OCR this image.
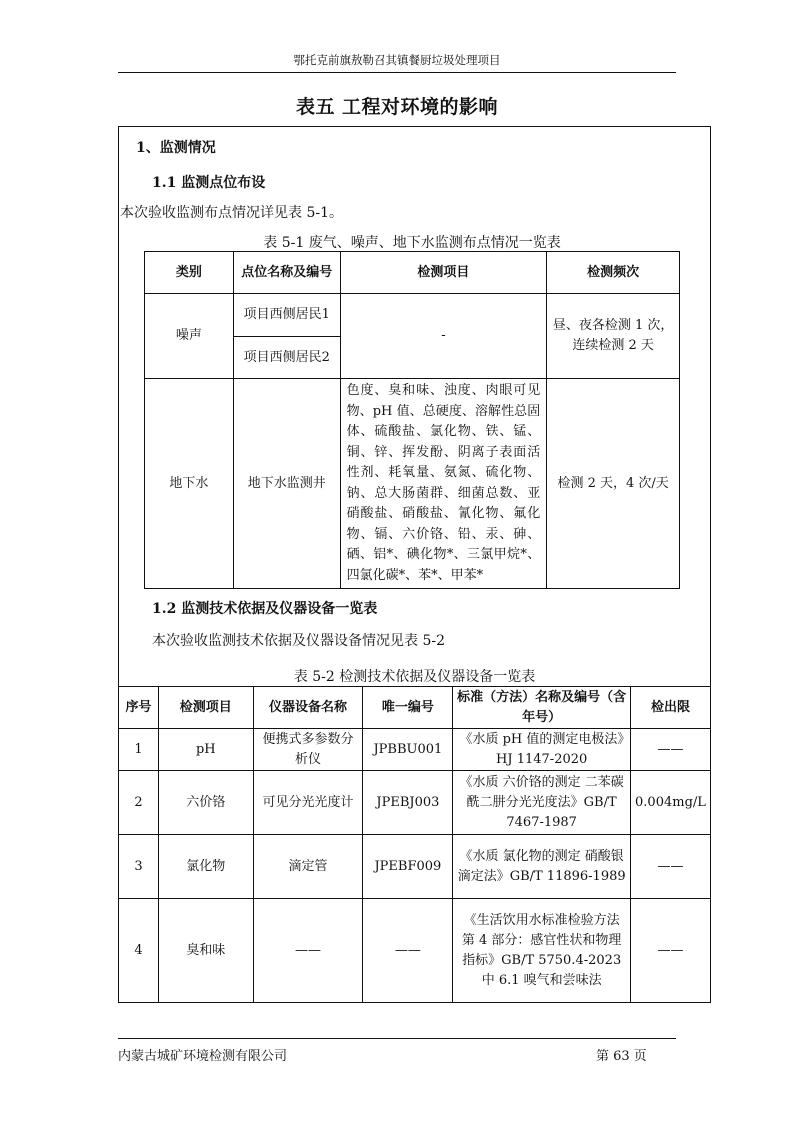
鄂托克前旗敖勒召其镇餐厨垃圾处理项目
表五 工程对环境的影响
1、监测情况
1.1 监测点位布设
本次验收监测布点情况详见表 5-1。
表 5-1 废气、噪声、地下水监测布点情况一览表
类别	点位名称及编号	检测项目	检测频次
噪声	项目西侧居民1	-	昼、夜各检测 1 次，连续检测 2 天
	项目西侧居民2		
地下水	地下水监测井	色度、臭和味、浊度、肉眼可见物、pH 值、总硬度、溶解性总固体、硫酸盐、氯化物、铁、锰、铜、锌、挥发酚、阴离子表面活性剂、耗氧量、氨氮、硫化物、钠、总大肠菌群、细菌总数、亚硝酸盐、硝酸盐、氰化物、氟化物、镉、六价铬、铅、汞、砷、硒、铝*、碘化物*、三氯甲烷*、四氯化碳*、苯*、甲苯*	检测 2 天，4 次/天
1.2 监测技术依据及仪器设备一览表
本次验收监测技术依据及仪器设备情况见表 5-2
表 5-2 检测技术依据及仪器设备一览表
序号	检测项目	仪器设备名称	唯一编号	标准（方法）名称及编号（含年号）	检出限
1	pH	便携式多参数分析仪	JPBBU001	《水质 pH 值的测定电极法》HJ 1147-2020	——
2	六价铬	可见分光光度计	JPEBJ003	《水质 六价铬的测定 二苯碳酰二肼分光光度法》GB/T 7467-1987	0.004mg/L
3	氯化物	滴定管	JPEBF009	《水质 氯化物的测定 硝酸银滴定法》GB/T 11896-1989	——
4	臭和味	——	——	《生活饮用水标准检验方法 第 4 部分：感官性状和物理指标》GB/T 5750.4-2023 中 6.1 嗅气和尝味法	——
内蒙古城矿环境检测有限公司	第 63 页
